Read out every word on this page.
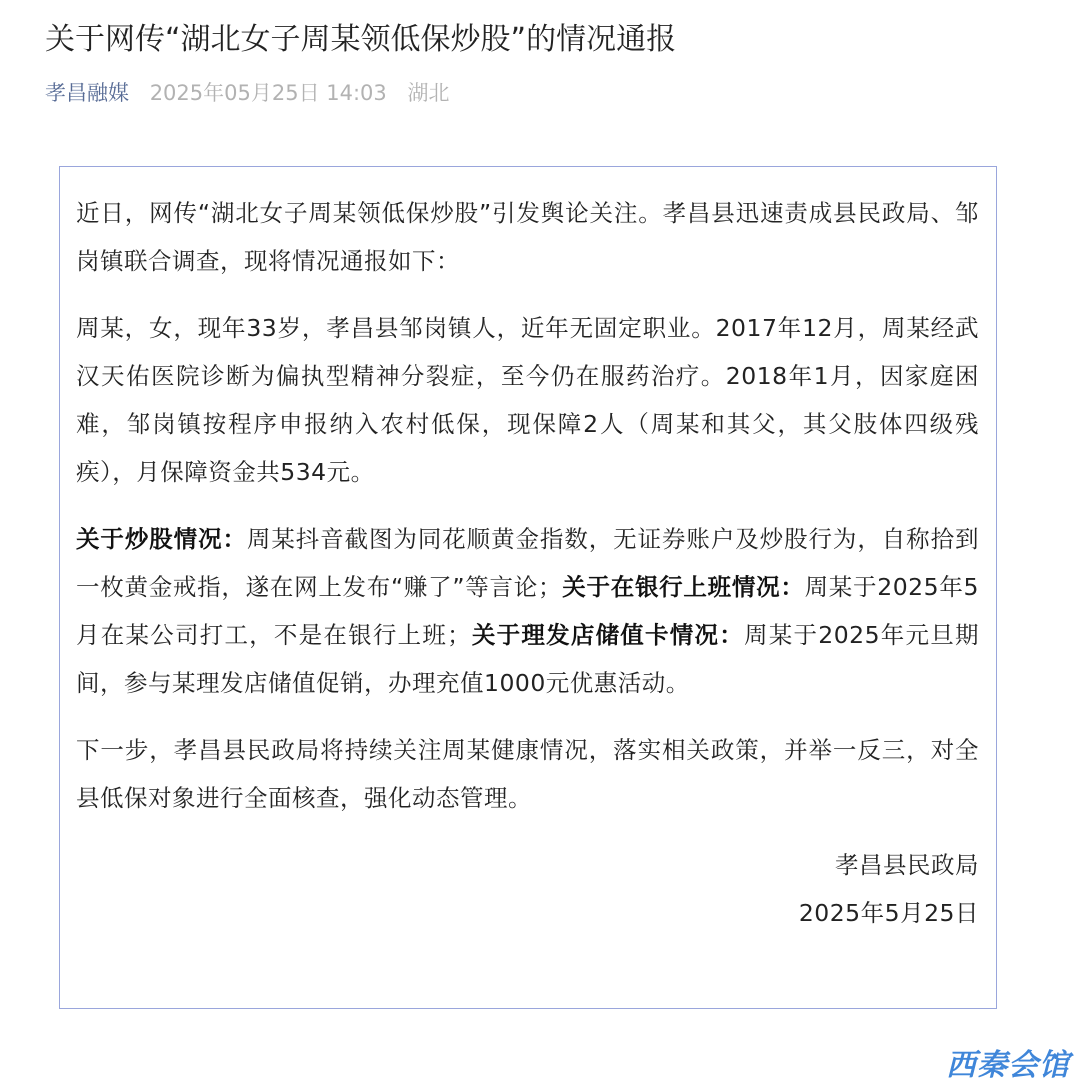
关于网传“湖北女子周某领低保炒股”的情况通报
孝昌融媒 2025年05月25日 14:03 湖北

近日，网传“湖北女子周某领低保炒股”引发舆论关注。孝昌县迅速责成县民政局、邹岗镇联合调查，现将情况通报如下：

周某，女，现年33岁，孝昌县邹岗镇人，近年无固定职业。2017年12月，周某经武汉天佑医院诊断为偏执型精神分裂症，至今仍在服药治疗。2018年1月，因家庭困难，邹岗镇按程序申报纳入农村低保，现保障2人（周某和其父，其父肢体四级残疾），月保障资金共534元。

关于炒股情况：周某抖音截图为同花顺黄金指数，无证券账户及炒股行为，自称拾到一枚黄金戒指，遂在网上发布“赚了”等言论；关于在银行上班情况：周某于2025年5月在某公司打工，不是在银行上班；关于理发店储值卡情况：周某于2025年元旦期间，参与某理发店储值促销，办理充值1000元优惠活动。

下一步，孝昌县民政局将持续关注周某健康情况，落实相关政策，并举一反三，对全县低保对象进行全面核查，强化动态管理。

孝昌县民政局

2025年5月25日

西秦会馆
